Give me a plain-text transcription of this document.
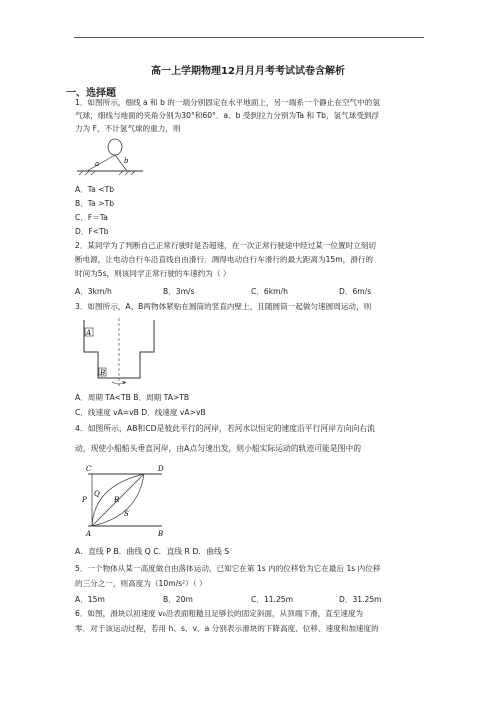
高一上学期物理12月月月考考试试卷含解析
一、选择题
1．如图所示，细线 a 和 b 的一端分别固定在水平地面上，另一端系一个静止在空气中的氢
气球，细线与地面的夹角分别为30°和60°．a、b 受到拉力分别为Ta 和 Tb，氢气球受到浮
力为 F，不计氢气球的重力，则
a	b
A．Ta <Tb
B．Ta >Tb
C．F＝Ta
D．F<Tb
2．某同学为了判断自己正常行驶时是否超速，在一次正常行驶途中经过某一位置时立刻切
断电源，让电动自行车沿直线自由滑行．测得电动自行车滑行的最大距离为15m，滑行的
时间为5s，则该同学正常行驶的车速约为（ ）
A．3km/h	B．3m/s	C．6km/h	D．6m/s
3．如图所示，A、B两物体紧贴在圆筒的竖直内壁上，且随圆筒一起做匀速圆周运动，则
A
B
A．周期 TA<TB B．周期 TA>TB
C．线速度 vA=vB D．线速度 vA>vB
4．如图所示，AB和CD是彼此平行的河岸，若河水以恒定的速度沿平行河岸方向向右流
动，现使小船船头垂直河岸，由A点匀速出发，则小船实际运动的轨迹可能是图中的
C	D
P
Q
R
S
A	B
A．直线 P B．曲线 Q C．直线 R D．曲线 S
5．一个物体从某一高度做自由落体运动，已知它在第 1s 内的位移恰为它在最后 1s 内位移
的三分之一，则高度为（10m/s²）（ ）
A．15m	B．20m	C．11.25m	D．31.25m
6．如图，滑块以初速度 v₀沿表面粗糙且足够长的固定斜面，从顶端下滑，直至速度为
零．对于该运动过程，若用 h、s、v、a 分别表示滑块的下降高度、位移、速度和加速度的
